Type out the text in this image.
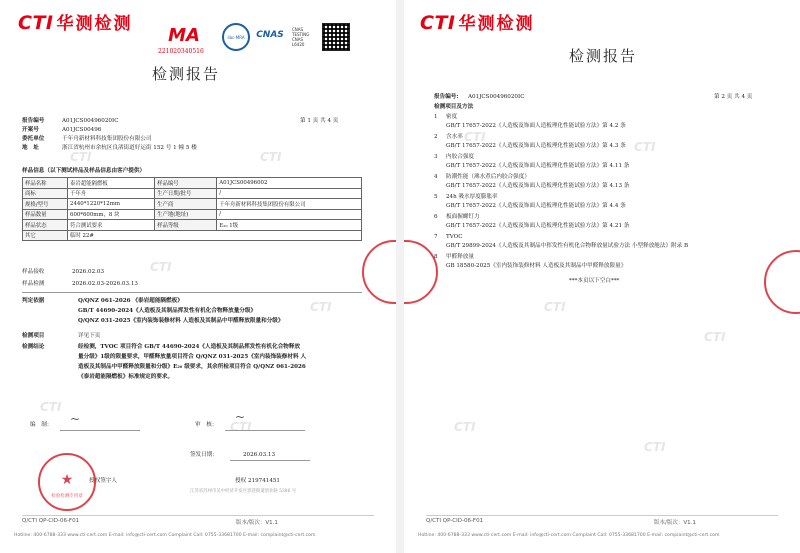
CTI	CTI
CTI
CTI
CTI
CTI
CTI 华测检测
MA
221020340516
ilac-MRA	CNAS
CNAS TESTING CNAS L6420
检测报告
报告编号	A01JCS00496020IC	第 1 页 共 4 页
开案号	A01JCS00496
委托单位	千年舟新材料科技集团股份有限公司
地　址	浙江省杭州市余杭区良渚街道好运街 152 号 1 幢 5 楼
样品信息（以下测试样品及样品信息由客户提供）
样品名称	泰岩超能隔燃板	样品编号	A01JCS00496002
商标	千年舟	生产日期/批号	/
规格/型号	2440*1220*12mm	生产商	千年舟新材料科技集团股份有限公司
样品数量	600*600mm，8 块	生产地(地址)	/
样品状态	符合测试要求	样品等级	E₂₀ 1级
其它	临时 22#		
样品接收	2026.02.03
样品检测	2026.02.03-2026.03.13
判定依据	Q/QNZ 061-2026 《泰岩超能隔燃板》
GB/T 44690-2024《人造板及其制品挥发性有机化合物释放量分级》
Q/QNZ 031-2025《室内装饰装修材料 人造板及其制品中甲醛释放限量和分级》
检测项目	详见下页
检测结论	经检测，TVOC 项目符合 GB/T 44690-2024《人造板及其制品挥发性有机化合物释放
量分级》1级的限量要求，甲醛释放量项目符合 Q/QNZ 031-2025《室内装饰装修材料 人
造板及其制品中甲醛释放限量和分级》E₂₀ 级要求，其余所检项目符合 Q/QNZ 061-2026
《泰岩超能隔燃板》标准规定的要求。
编　制： ~	审　核：
~
签发日期：	2026.03.13
授权签字人	授权 219741451
江苏省苏州市吴中经济开发区郭巷街道创业路 5386 号
★
检验检测专用章
Q/CTI QP-CID-06-F01	版本/版次：V1.1
Hotline: 400-6788-333 www.cti-cert.com E-mail: info@cti-cert.com Complaint Call: 0755-33681700 E-mail: complaint@cti-cert.com
CTI
CTI
CTI
CTI
CTI
CTI
CTI 华测检测
检测报告
报告编号: A01JCS00496020IC	第 2 页 共 4 页
检测项目及方法
1 密度
GB/T 17657-2022《人造板及饰面人造板理化性能试验方法》第 4.2 条
2 含水率
GB/T 17657-2022《人造板及饰面人造板理化性能试验方法》第 4.3 条
3 内胶合强度
GB/T 17657-2022《人造板及饰面人造板理化性能试验方法》第 4.11 条
4 防潮性能（沸水煮后内胶合强度）
GB/T 17657-2022《人造板及饰面人造板理化性能试验方法》第 4.13 条
5 24h 吸水厚度膨胀率
GB/T 17657-2022《人造板及饰面人造板理化性能试验方法》第 4.4 条
6 板面握螺钉力
GB/T 17657-2022《人造板及饰面人造板理化性能试验方法》第 4.21 条
7 TVOC
GB/T 29899-2024《人造板及其制品中挥发性有机化合物释放量试验方法 小型释放舱法》附录 B
8 甲醛释放量
GB 18580-2025《室内装饰装修材料 人造板及其制品中甲醛释放限量》
***本页以下空白***
Q/CTI QP-CID-06-F01	版本/版次：V1.1
Hotline: 400-6788-333 www.cti-cert.com E-mail: info@cti-cert.com Complaint Call: 0755-33681700 E-mail: complaint@cti-cert.com
